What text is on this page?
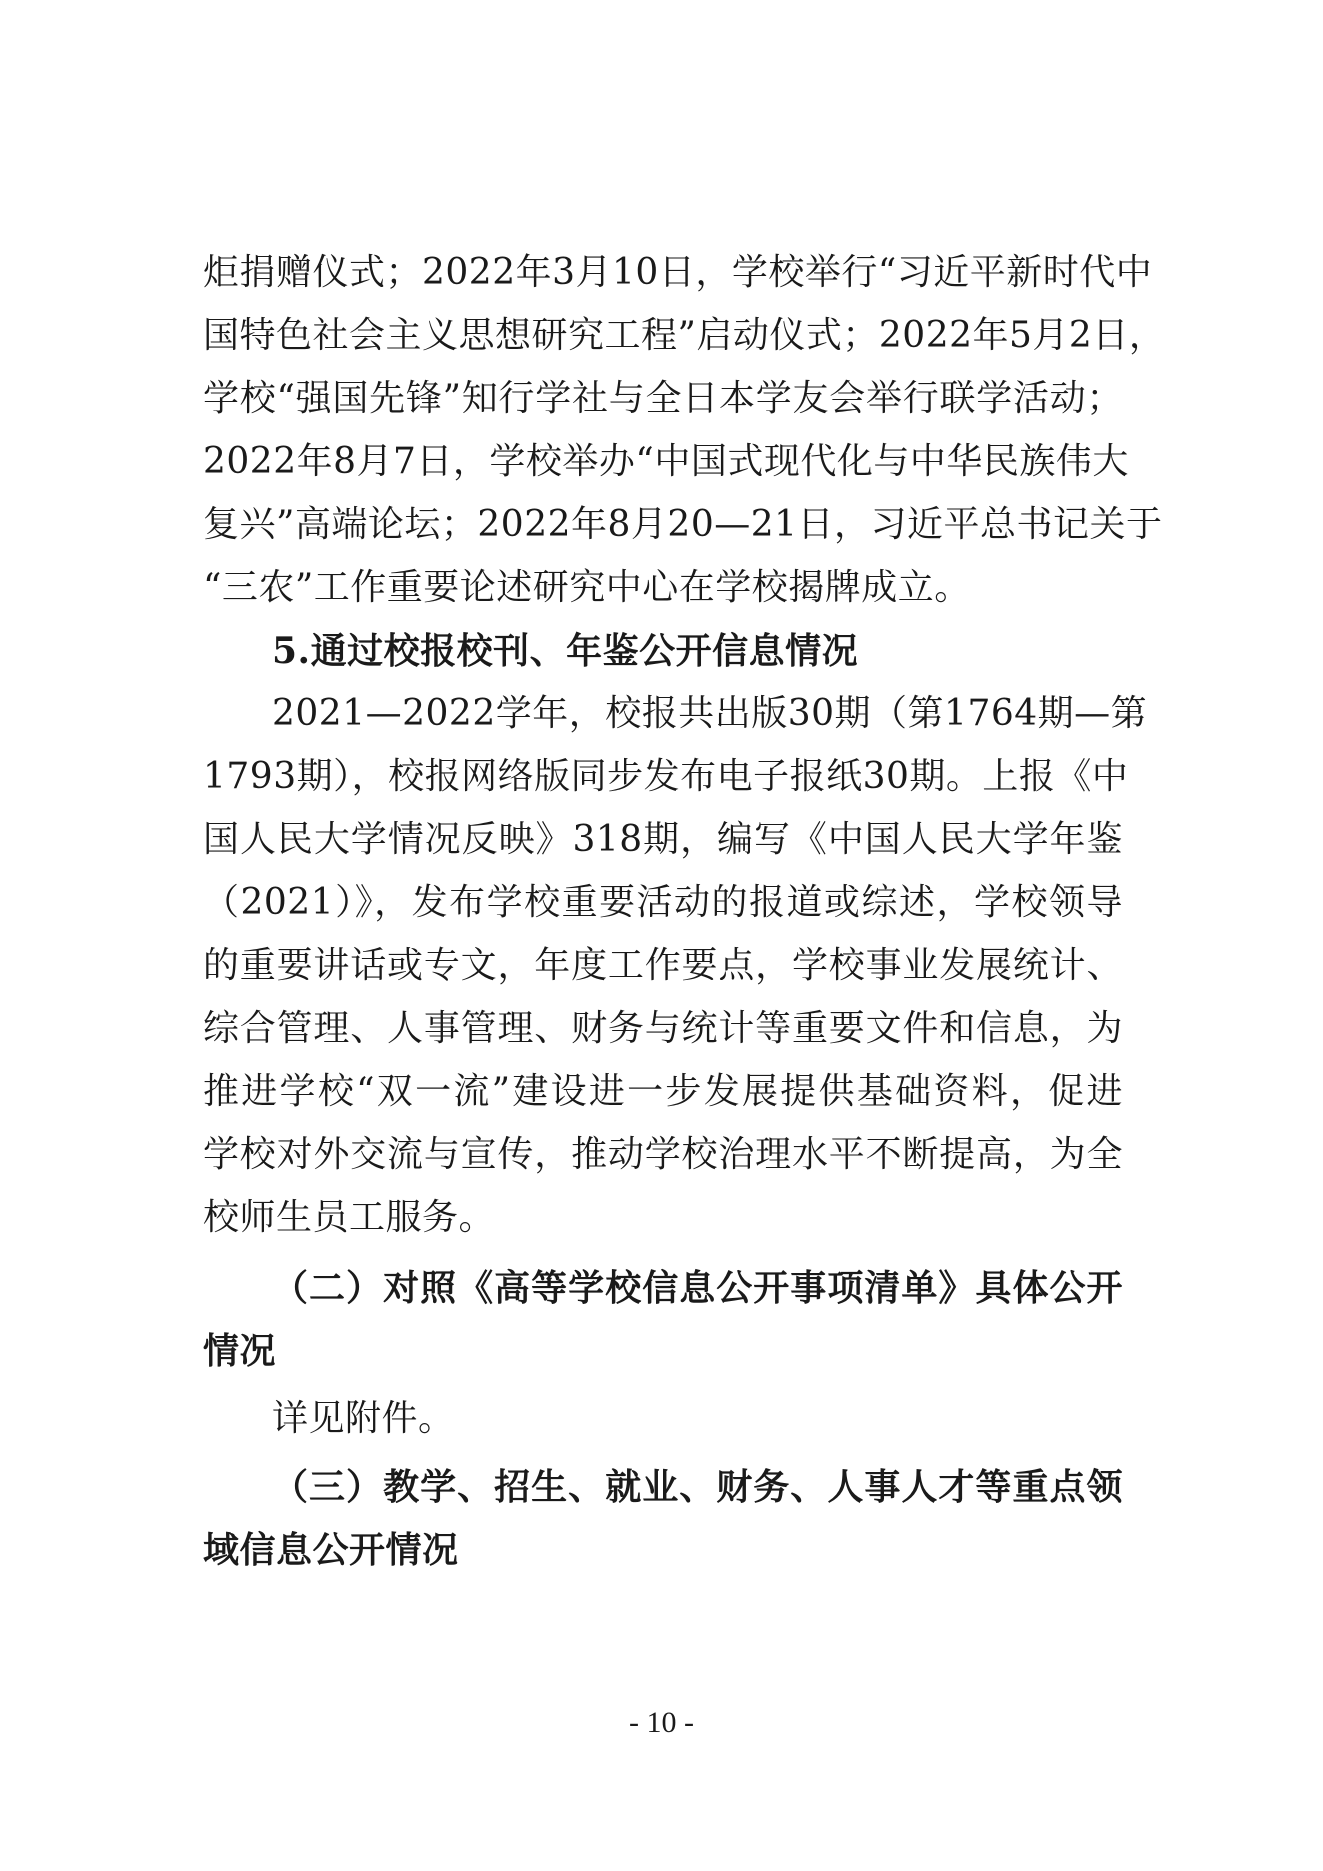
炬捐赠仪式；2022年3月10日，学校举行“习近平新时代中
国特色社会主义思想研究工程”启动仪式；2022年5月2日，
学校“强国先锋”知行学社与全日本学友会举行联学活动；
2022年8月7日，学校举办“中国式现代化与中华民族伟大
复兴”高端论坛；2022年8月20—21日，习近平总书记关于
“三农”工作重要论述研究中心在学校揭牌成立。
5.通过校报校刊、年鉴公开信息情况
2021—2022学年，校报共出版30期（第1764期—第
1793期），校报网络版同步发布电子报纸30期。上报《中
国人民大学情况反映》318期，编写《中国人民大学年鉴
（2021）》，发布学校重要活动的报道或综述，学校领导
的重要讲话或专文，年度工作要点，学校事业发展统计、
综合管理、人事管理、财务与统计等重要文件和信息，为
推进学校“双一流”建设进一步发展提供基础资料，促进
学校对外交流与宣传，推动学校治理水平不断提高，为全
校师生员工服务。
（二）对照《高等学校信息公开事项清单》具体公开
情况
详见附件。
（三）教学、招生、就业、财务、人事人才等重点领
域信息公开情况
- 10 -
